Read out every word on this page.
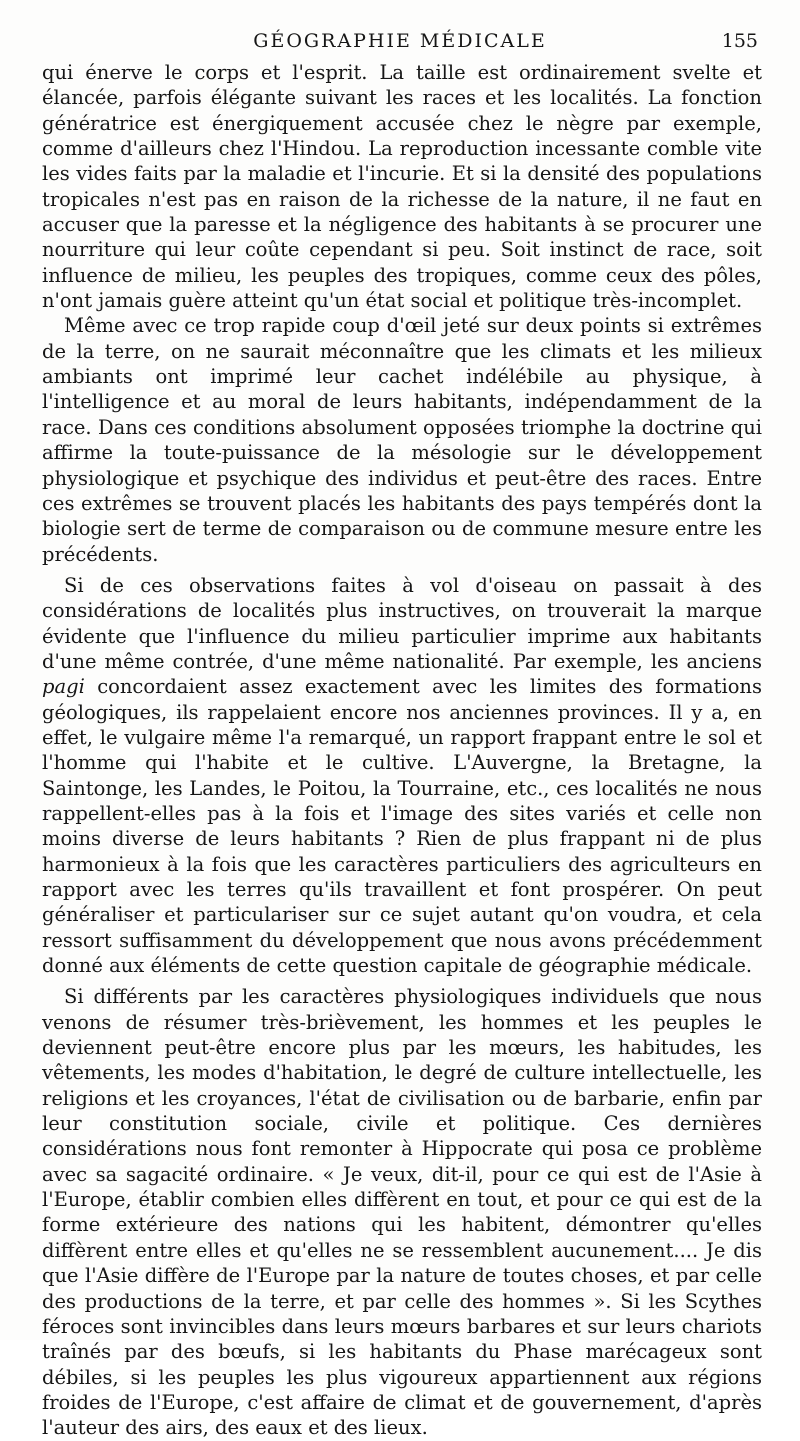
GÉOGRAPHIE MÉDICALE	155

qui énerve le corps et l'esprit. La taille est ordinairement svelte et élancée, parfois élégante suivant les races et les localités. La fonction génératrice est énergiquement accusée chez le nègre par exemple, comme d'ailleurs chez l'Hindou. La reproduction incessante comble vite les vides faits par la maladie et l'incurie. Et si la densité des populations tropicales n'est pas en raison de la richesse de la nature, il ne faut en accuser que la paresse et la négligence des habitants à se procurer une nourriture qui leur coûte cependant si peu. Soit instinct de race, soit influence de milieu, les peuples des tropiques, comme ceux des pôles, n'ont jamais guère atteint qu'un état social et politique très-incomplet.

Même avec ce trop rapide coup d'œil jeté sur deux points si extrêmes de la terre, on ne saurait méconnaître que les climats et les milieux ambiants ont imprimé leur cachet indélébile au physique, à l'intelligence et au moral de leurs habitants, indépendamment de la race. Dans ces conditions absolument opposées triomphe la doctrine qui affirme la toute-puissance de la mésologie sur le développement physiologique et psychique des individus et peut-être des races. Entre ces extrêmes se trouvent placés les habitants des pays tempérés dont la biologie sert de terme de comparaison ou de commune mesure entre les précédents.

Si de ces observations faites à vol d'oiseau on passait à des considérations de localités plus instructives, on trouverait la marque évidente que l'influence du milieu particulier imprime aux habitants d'une même contrée, d'une même nationalité. Par exemple, les anciens pagi concordaient assez exactement avec les limites des formations géologiques, ils rappelaient encore nos anciennes provinces. Il y a, en effet, le vulgaire même l'a remarqué, un rapport frappant entre le sol et l'homme qui l'habite et le cultive. L'Auvergne, la Bretagne, la Saintonge, les Landes, le Poitou, la Tourraine, etc., ces localités ne nous rappellent-elles pas à la fois et l'image des sites variés et celle non moins diverse de leurs habitants ? Rien de plus frappant ni de plus harmonieux à la fois que les caractères particuliers des agriculteurs en rapport avec les terres qu'ils travaillent et font prospérer. On peut généraliser et particulariser sur ce sujet autant qu'on voudra, et cela ressort suffisamment du développement que nous avons précédemment donné aux éléments de cette question capitale de géographie médicale.

Si différents par les caractères physiologiques individuels que nous venons de résumer très-brièvement, les hommes et les peuples le deviennent peut-être encore plus par les mœurs, les habitudes, les vêtements, les modes d'habitation, le degré de culture intellectuelle, les religions et les croyances, l'état de civilisation ou de barbarie, enfin par leur constitution sociale, civile et politique. Ces dernières considérations nous font remonter à Hippocrate qui posa ce problème avec sa sagacité ordinaire. « Je veux, dit-il, pour ce qui est de l'Asie à l'Europe, établir combien elles diffèrent en tout, et pour ce qui est de la forme extérieure des nations qui les habitent, démontrer qu'elles diffèrent entre elles et qu'elles ne se ressemblent aucunement.... Je dis que l'Asie diffère de l'Europe par la nature de toutes choses, et par celle des productions de la terre, et par celle des hommes ». Si les Scythes féroces sont invincibles dans leurs mœurs barbares et sur leurs chariots traînés par des bœufs, si les habitants du Phase marécageux sont débiles, si les peuples les plus vigoureux appartiennent aux régions froides de l'Europe, c'est affaire de climat et de gouvernement, d'après l'auteur des airs, des eaux et des lieux.
